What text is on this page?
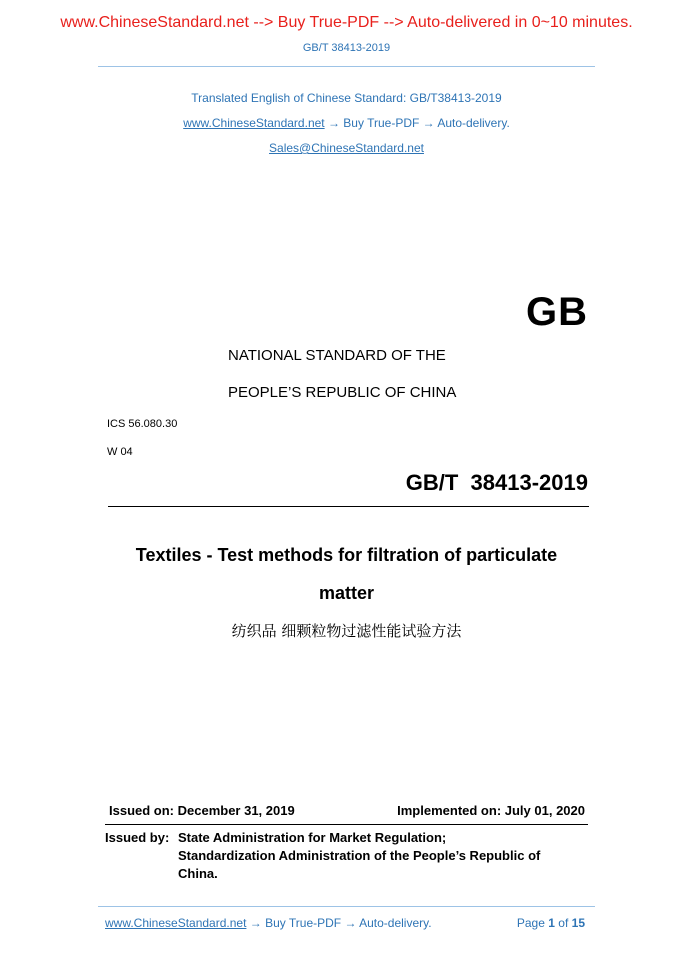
www.ChineseStandard.net --> Buy True-PDF --> Auto-delivered in 0~10 minutes.
GB/T 38413-2019
Translated English of Chinese Standard: GB/T38413-2019
www.ChineseStandard.net → Buy True-PDF → Auto-delivery.
Sales@ChineseStandard.net
GB
NATIONAL STANDARD OF THE
PEOPLE’S REPUBLIC OF CHINA
ICS 56.080.30
W 04
GB/T  38413-2019
Textiles - Test methods for filtration of particulate
matter
纺织品 细颗粒物过滤性能试验方法
Issued on: December 31, 2019	Implemented on: July 01, 2020
Issued by: State Administration for Market Regulation;
Standardization Administration of the People’s Republic of
China.
www.ChineseStandard.net → Buy True-PDF → Auto-delivery.	Page 1 of 15
